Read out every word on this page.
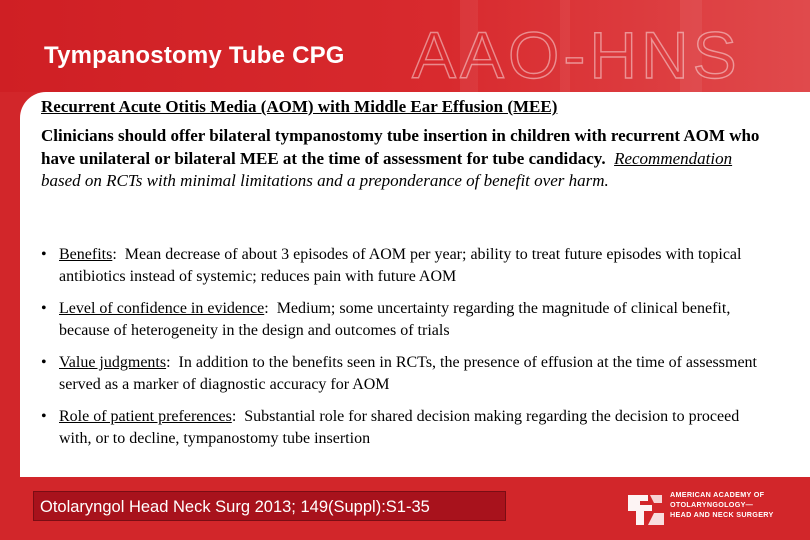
Tympanostomy Tube CPG AAO-HNS
Recurrent Acute Otitis Media (AOM) with Middle Ear Effusion (MEE)
Clinicians should offer bilateral tympanostomy tube insertion in children with recurrent AOM who have unilateral or bilateral MEE at the time of assessment for tube candidacy. Recommendation based on RCTs with minimal limitations and a preponderance of benefit over harm.
• Benefits:  Mean decrease of about 3 episodes of AOM per year; ability to treat future episodes with topical antibiotics instead of systemic; reduces pain with future AOM
• Level of confidence in evidence:  Medium; some uncertainty regarding the magnitude of clinical benefit, because of heterogeneity in the design and outcomes of trials
• Value judgments:  In addition to the benefits seen in RCTs, the presence of effusion at the time of assessment served as a marker of diagnostic accuracy for AOM
• Role of patient preferences:  Substantial role for shared decision making regarding the decision to proceed with, or to decline, tympanostomy tube insertion
Otolaryngol Head Neck Surg 2013; 149(Suppl):S1-35
AMERICAN ACADEMY OF
OTOLARYNGOLOGY—
HEAD AND NECK SURGERY
